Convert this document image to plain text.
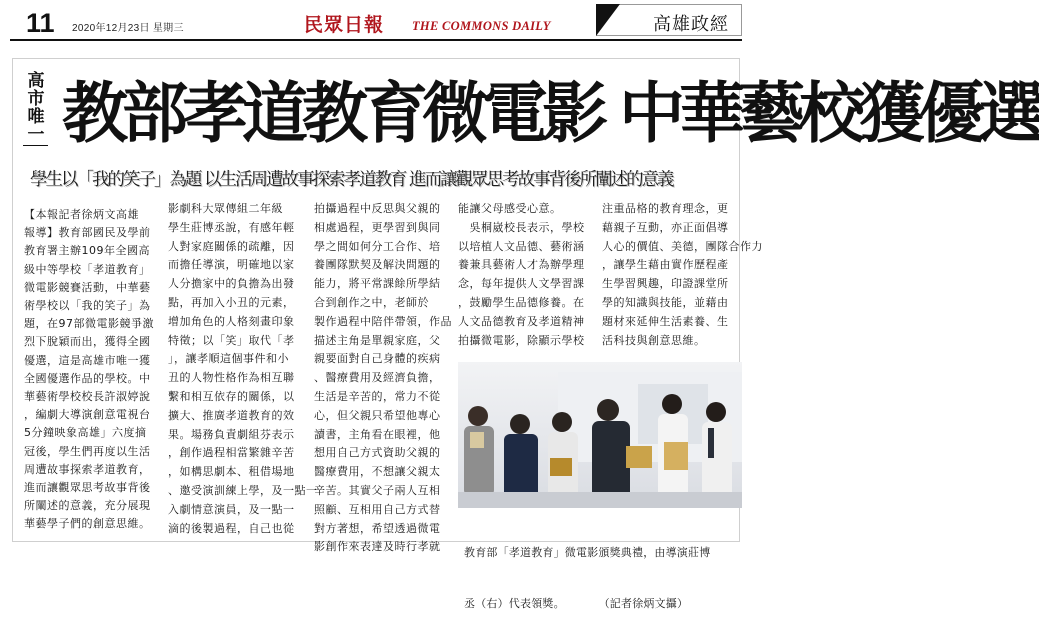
11 2020年12月23日 星期三	民眾日報 THE COMMONS DAILY	高雄政經
高
市
唯
一 教部孝道教育微電影 中華藝校獲優選
學生以「我的笑子」為題 以生活周遭故事探索孝道教育 進而讓觀眾思考故事背後所闡述的意義
【本報記者徐炳文高雄
報導】教育部國民及學前
教育署主辦109年全國高
級中等學校「孝道教育」
微電影競賽活動，中華藝
術學校以「我的笑子」為
題，在97部微電影競爭激
烈下脫穎而出，獲得全國
優選，這是高雄市唯一獲
全國優選作品的學校。中
華藝術學校校長許淑婷說
，編劇大導演創意電視台
5分鐘映象高雄」六度摘
冠後，學生們再度以生活
周遭故事探索孝道教育，
進而讓觀眾思考故事背後
所闡述的意義，充分展現
華藝學子們的創意思維。
影劇科大眾傳組二年級
學生莊博丞說，有感年輕
人對家庭關係的疏離，因
而擔任導演，明確地以家
人分擔家中的負擔為出發
點，再加入小丑的元素，
增加角色的人格刻畫印象
特徵；以「笑」取代「孝
」，讓孝順這個事件和小
丑的人物性格作為相互聯
繫和相互依存的關係，以
擴大、推廣孝道教育的效
果。場務負責劇組芬表示
，創作過程相當繁雜辛苦
，如構思劇本、租借場地
、邀受演訓練上學，及一點一
入劇情意演員，及一點一
滴的後製過程，自己也從
拍攝過程中反思與父親的
相處過程，更學習到與同
學之間如何分工合作、培
養團隊默契及解決問題的
能力，將平常課餘所學結
合到創作之中，老師於
製作過程中陪伴帶領，作品
描述主角是單親家庭，父
親要面對自己身體的疾病
、醫療費用及經濟負擔，
生活是辛苦的，常力不從
心，但父親只希望他專心
讀書，主角看在眼裡，他
想用自己方式資助父親的
醫療費用，不想讓父親太
辛苦。其實父子兩人互相
照顧、互相用自己方式替
對方著想，希望透過微電
影創作來表達及時行孝就
能讓父母感受心意。
　吳桐崴校長表示，學校
以培植人文品德、藝術涵
養兼具藝術人才為辦學理
念，每年提供人文學習課
，鼓勵學生品德修養。在
人文品德教育及孝道精神
拍攝微電影，除顯示學校
注重品格的教育理念，更
藉親子互動，亦正面倡導
人心的價值、美德，團隊合作力
，讓學生藉由實作歷程產
生學習興趣，印證課堂所
學的知識與技能，並藉由
題材來延伸生活素養、生
活科技與創意思維。

教育部「孝道教育」微電影頒獎典禮，由導演莊博

丞（右）代表領獎。　　　　（記者徐炳文攝）
